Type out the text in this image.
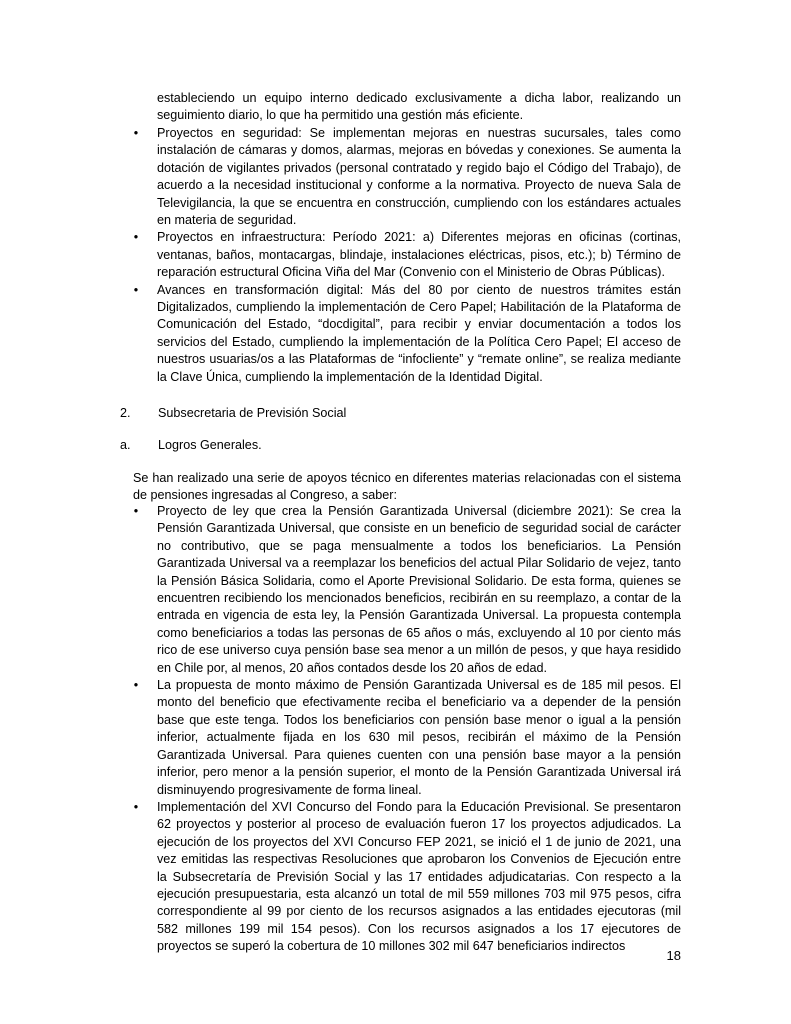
estableciendo un equipo interno dedicado exclusivamente a dicha labor, realizando un seguimiento diario, lo que ha permitido una gestión más eficiente.

• Proyectos en seguridad: Se implementan mejoras en nuestras sucursales, tales como instalación de cámaras y domos, alarmas, mejoras en bóvedas y conexiones. Se aumenta la dotación de vigilantes privados (personal contratado y regido bajo el Código del Trabajo), de acuerdo a la necesidad institucional y conforme a la normativa. Proyecto de nueva Sala de Televigilancia, la que se encuentra en construcción, cumpliendo con los estándares actuales en materia de seguridad.
• Proyectos en infraestructura: Período 2021: a) Diferentes mejoras en oficinas (cortinas, ventanas, baños, montacargas, blindaje, instalaciones eléctricas, pisos, etc.); b) Término de reparación estructural Oficina Viña del Mar (Convenio con el Ministerio de Obras Públicas).
• Avances en transformación digital: Más del 80 por ciento de nuestros trámites están Digitalizados, cumpliendo la implementación de Cero Papel; Habilitación de la Plataforma de Comunicación del Estado, “docdigital”, para recibir y enviar documentación a todos los servicios del Estado, cumpliendo la implementación de la Política Cero Papel; El acceso de nuestros usuarias/os a las Plataformas de “infocliente” y “remate online”, se realiza mediante la Clave Única, cumpliendo la implementación de la Identidad Digital.

2. Subsecretaria de Previsión Social

a. Logros Generales.

Se han realizado una serie de apoyos técnico en diferentes materias relacionadas con el sistema de pensiones ingresadas al Congreso, a saber:

• Proyecto de ley que crea la Pensión Garantizada Universal (diciembre 2021): Se crea la Pensión Garantizada Universal, que consiste en un beneficio de seguridad social de carácter no contributivo, que se paga mensualmente a todos los beneficiarios. La Pensión Garantizada Universal va a reemplazar los beneficios del actual Pilar Solidario de vejez, tanto la Pensión Básica Solidaria, como el Aporte Previsional Solidario. De esta forma, quienes se encuentren recibiendo los mencionados beneficios, recibirán en su reemplazo, a contar de la entrada en vigencia de esta ley, la Pensión Garantizada Universal. La propuesta contempla como beneficiarios a todas las personas de 65 años o más, excluyendo al 10 por ciento más rico de ese universo cuya pensión base sea menor a un millón de pesos, y que haya residido en Chile por, al menos, 20 años contados desde los 20 años de edad.
• La propuesta de monto máximo de Pensión Garantizada Universal es de 185 mil pesos. El monto del beneficio que efectivamente reciba el beneficiario va a depender de la pensión base que este tenga. Todos los beneficiarios con pensión base menor o igual a la pensión inferior, actualmente fijada en los 630 mil pesos, recibirán el máximo de la Pensión Garantizada Universal. Para quienes cuenten con una pensión base mayor a la pensión inferior, pero menor a la pensión superior, el monto de la Pensión Garantizada Universal irá disminuyendo progresivamente de forma lineal.
• Implementación del XVI Concurso del Fondo para la Educación Previsional. Se presentaron 62 proyectos y posterior al proceso de evaluación fueron 17 los proyectos adjudicados. La ejecución de los proyectos del XVI Concurso FEP 2021, se inició el 1 de junio de 2021, una vez emitidas las respectivas Resoluciones que aprobaron los Convenios de Ejecución entre la Subsecretaría de Previsión Social y las 17 entidades adjudicatarias. Con respecto a la ejecución presupuestaria, esta alcanzó un total de mil 559 millones 703 mil 975 pesos, cifra correspondiente al 99 por ciento de los recursos asignados a las entidades ejecutoras (mil 582 millones 199 mil 154 pesos). Con los recursos asignados a los 17 ejecutores de proyectos se superó la cobertura de 10 millones 302 mil 647 beneficiarios indirectos
18
